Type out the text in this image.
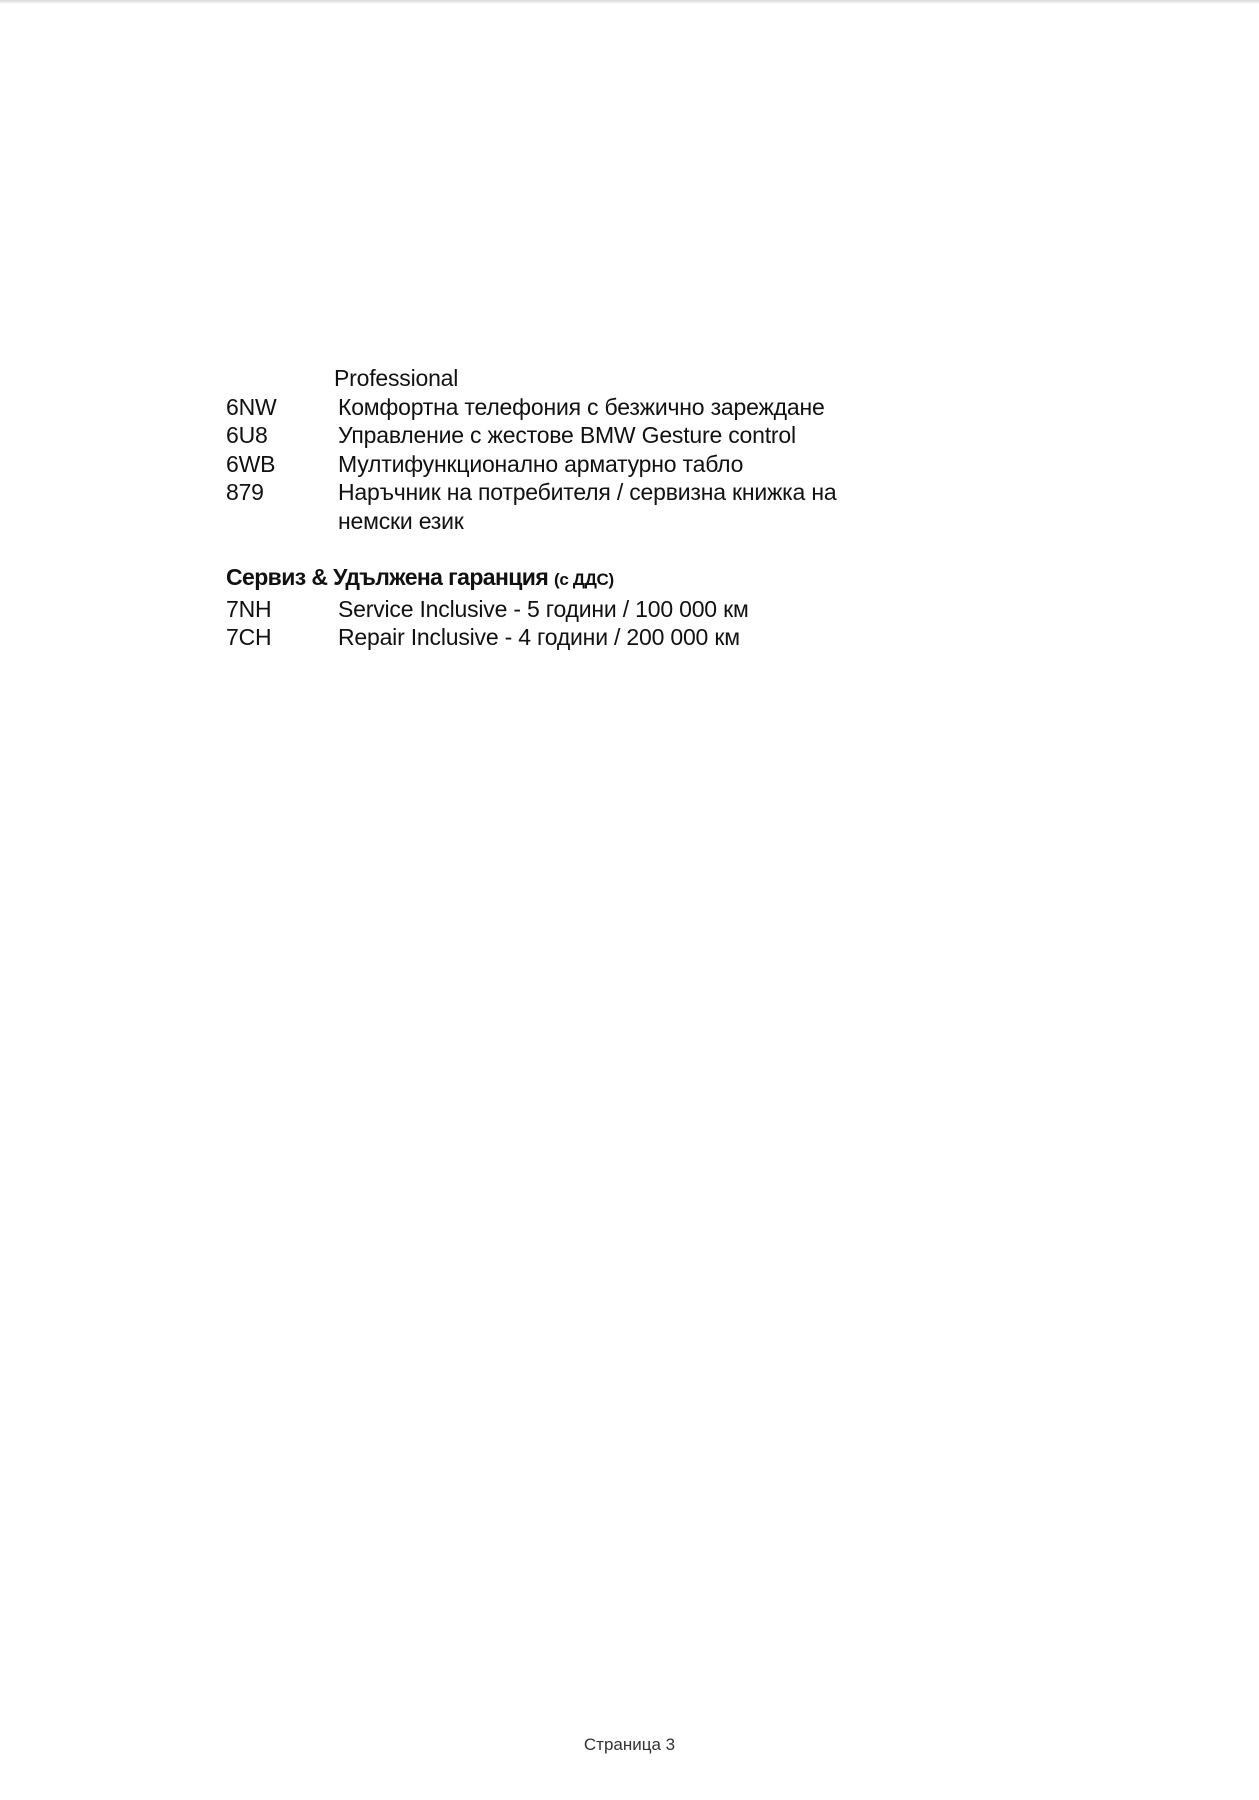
Professional
6NW	Комфортна телефония с безжично зареждане
6U8	Управление с жестове BMW Gesture control
6WB	Мултифункционално арматурно табло
879	Наръчник на потребителя / сервизна книжка на немски език
Сервиз & Удължена гаранция (с ДДС)
7NH	Service Inclusive - 5 години / 100 000 км
7CH	Repair Inclusive - 4 години / 200 000 км
Страница 3
